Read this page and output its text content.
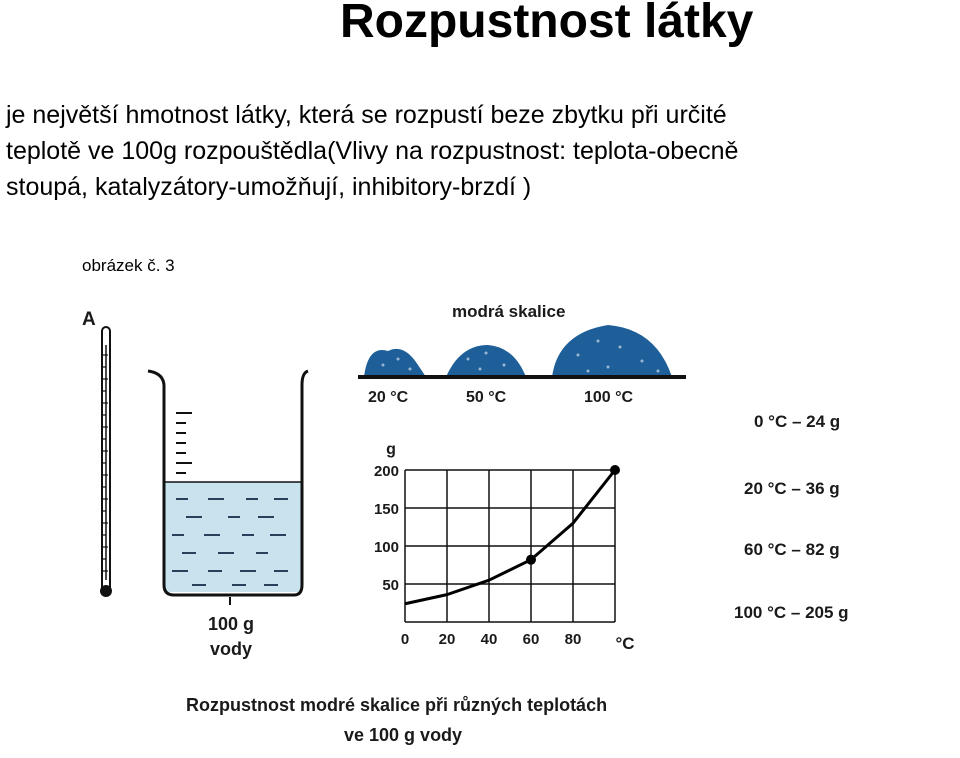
Rozpustnost látky
je největší hmotnost látky, která se rozpustí beze zbytku při určité
teplotě ve 100g rozpouštědla(Vlivy na rozpustnost: teplota-obecně
stoupá, katalyzátory-umožňují, inhibitory-brzdí )
obrázek č. 3
A
100 g
vody
modrá skalice
20 °C	50 °C	100 °C
50
100
150
200
0 20 40 60 80
g
°C
0 °C – 24 g
20 °C – 36 g
60 °C – 82 g
100 °C – 205 g
Rozpustnost modré skalice při různých teplotách
ve 100 g vody
